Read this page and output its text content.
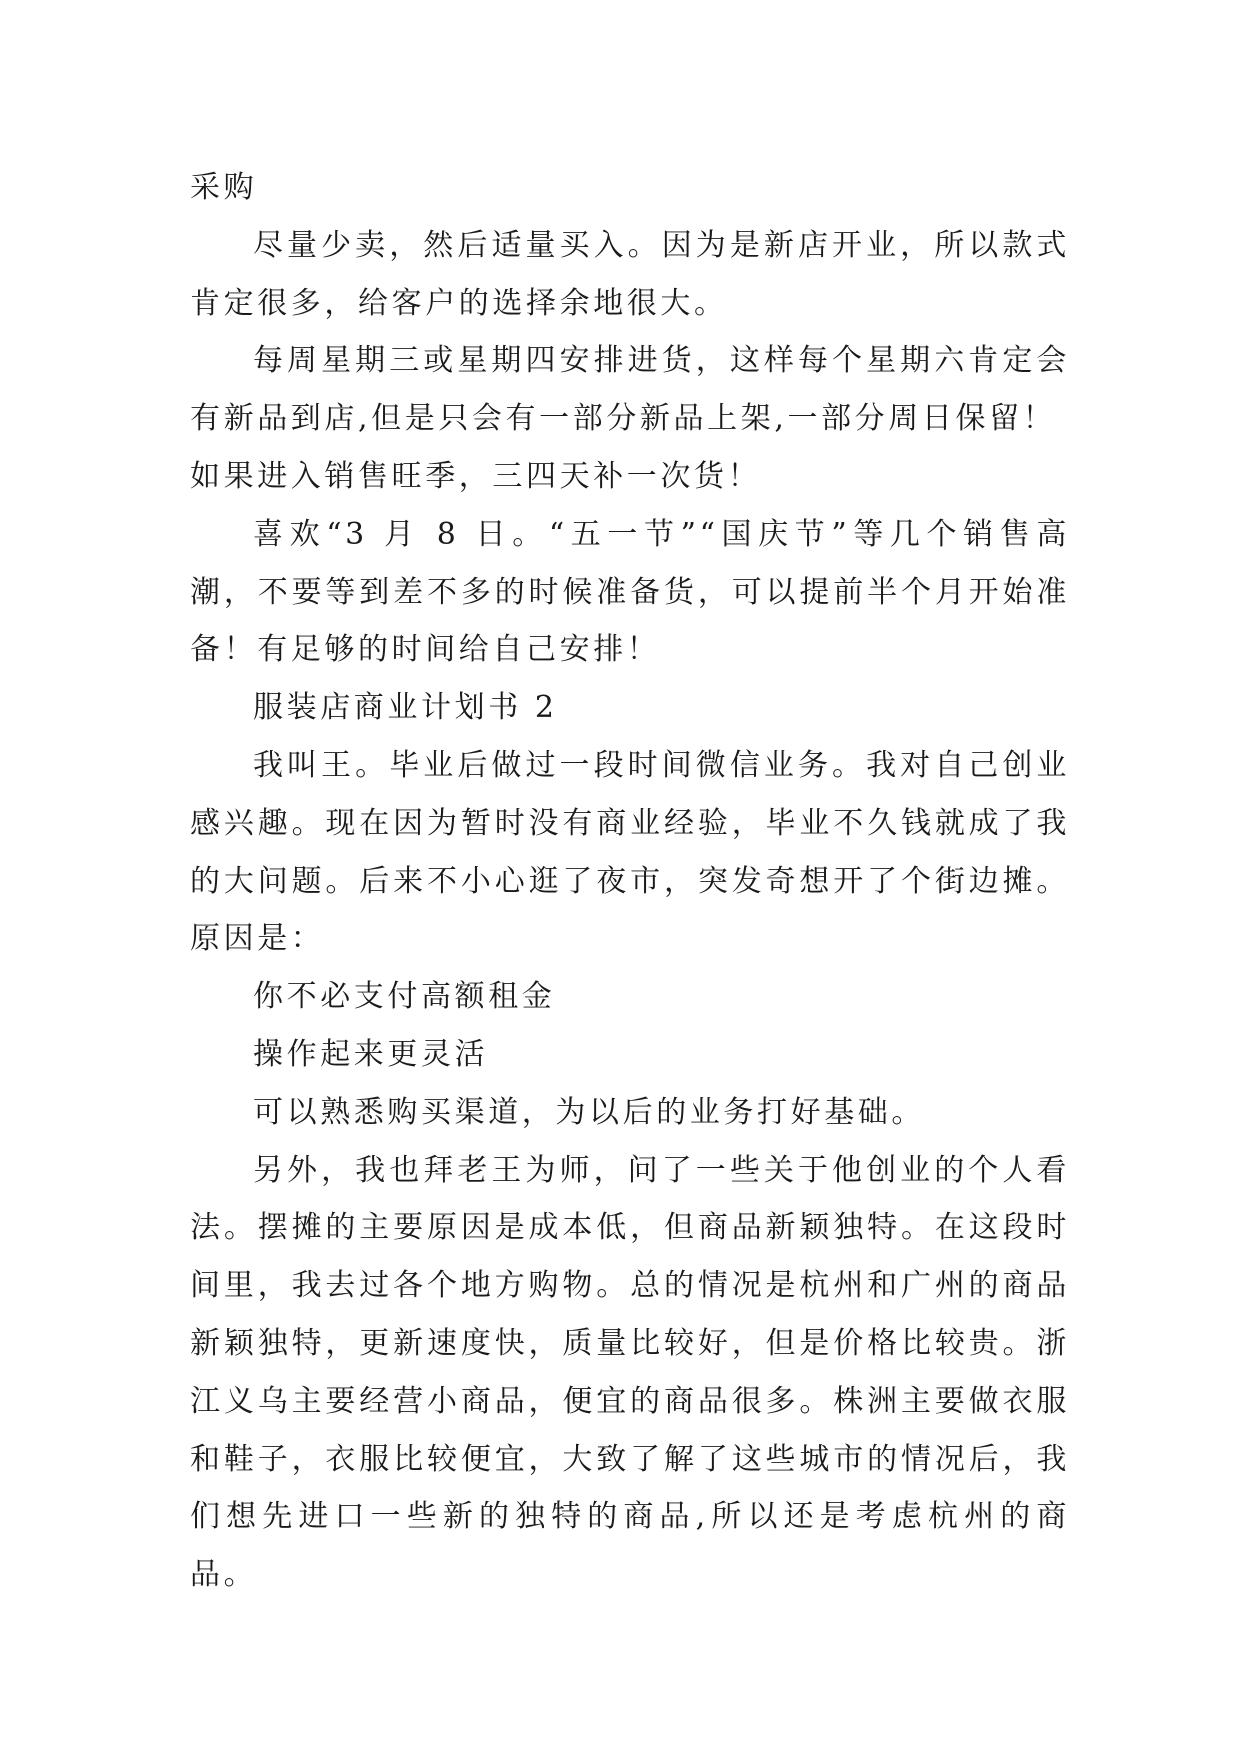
采购

尽量少卖，然后适量买入。因为是新店开业，所以款式肯定很多，给客户的选择余地很大。

每周星期三或星期四安排进货，这样每个星期六肯定会有新品到店,但是只会有一部分新品上架,一部分周日保留！

如果进入销售旺季，三四天补一次货！

喜欢“3 月 8 日。“五一节”“国庆节”等几个销售高潮，不要等到差不多的时候准备货，可以提前半个月开始准备！有足够的时间给自己安排！

服装店商业计划书 2

我叫王。毕业后做过一段时间微信业务。我对自己创业感兴趣。现在因为暂时没有商业经验，毕业不久钱就成了我的大问题。后来不小心逛了夜市，突发奇想开了个街边摊。原因是：

你不必支付高额租金

操作起来更灵活

可以熟悉购买渠道，为以后的业务打好基础。

另外，我也拜老王为师，问了一些关于他创业的个人看法。摆摊的主要原因是成本低，但商品新颖独特。在这段时间里，我去过各个地方购物。总的情况是杭州和广州的商品新颖独特，更新速度快，质量比较好，但是价格比较贵。浙江义乌主要经营小商品，便宜的商品很多。株洲主要做衣服和鞋子，衣服比较便宜，大致了解了这些城市的情况后，我们想先进口一些新的独特的商品,所以还是考虑杭州的商品。
